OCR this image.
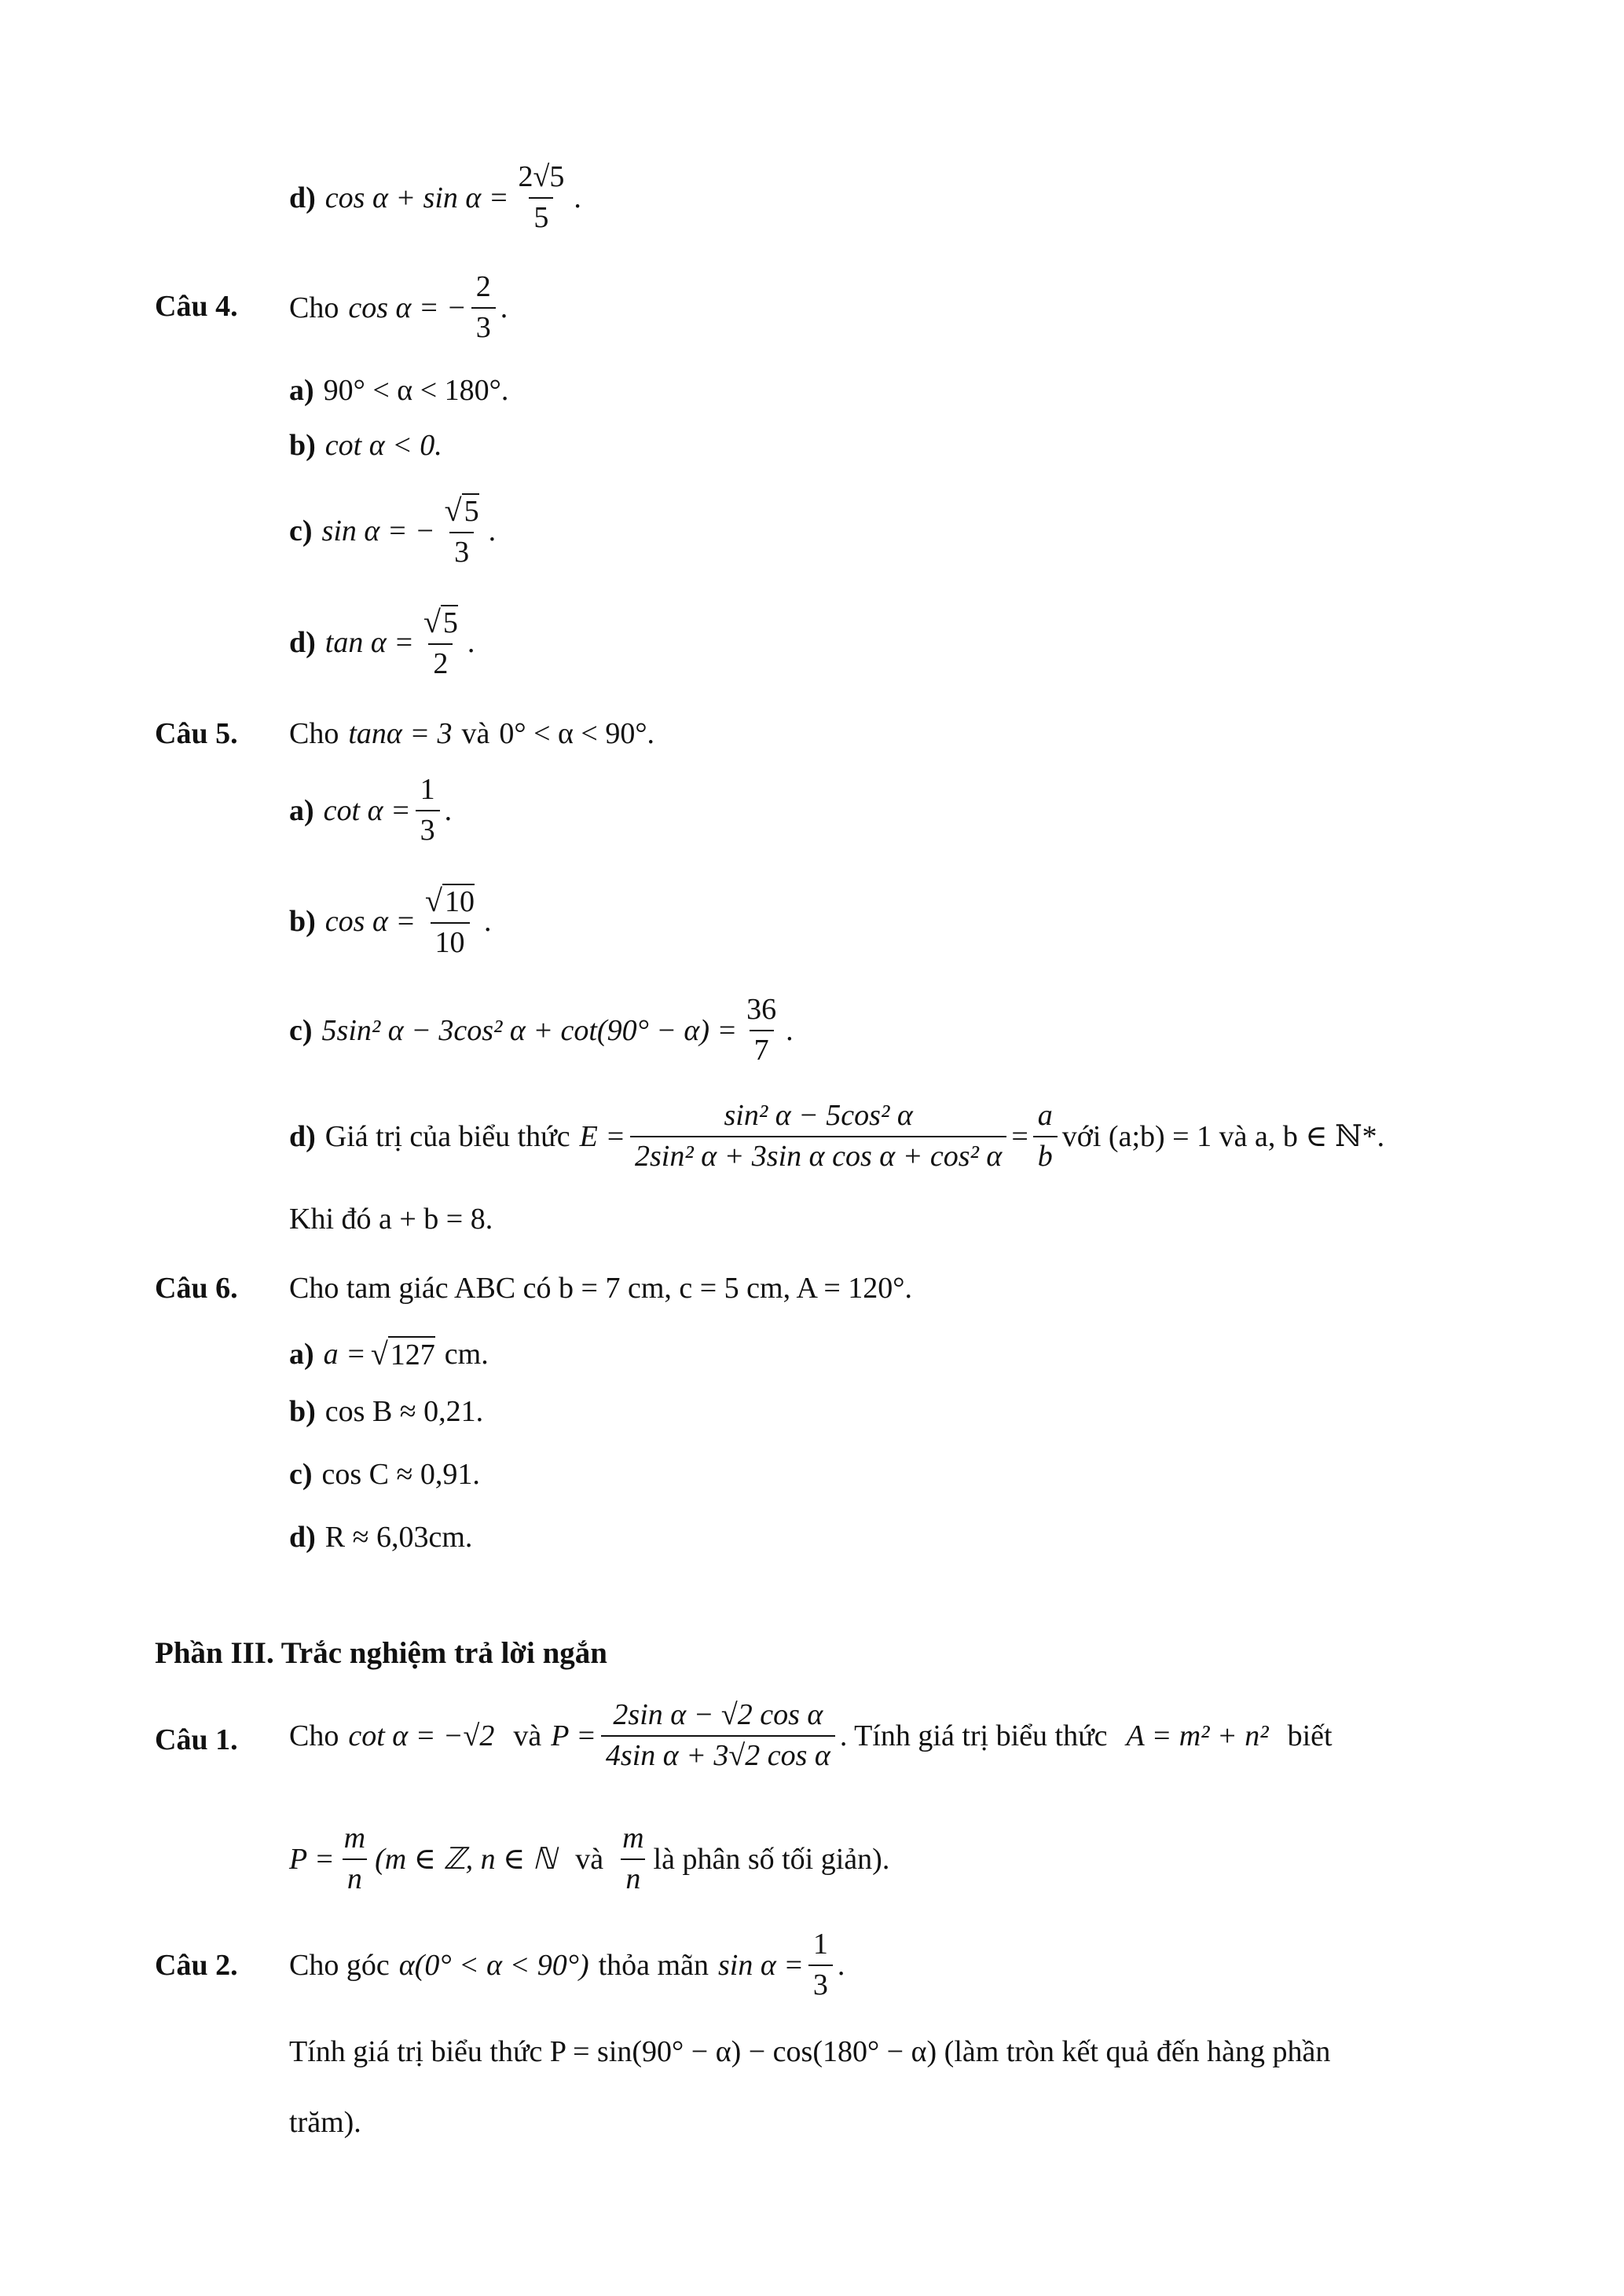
d) $\cos \alpha + \sin \alpha = \frac{2√5}{5}$ .
Câu 4. Cho cos α = − $\frac{2}{3}$ .
a) 90° < α < 180°.
b) cot α < 0.
c) sin α = − $\frac{√5}{3}$ .
d) $\tan \alpha = \frac{√5}{2}$ .
Câu 5. Cho tanα = 3 và 0° < α < 90°.
a) $\cot \alpha = \frac{1}{3}$ .
b) $\cos \alpha = \frac{√10}{10}$ .
c) 5sin² α − 3cos² $\alpha + \cot(90^\circ - \alpha) = \frac{36}{7}$ .
d) Giá trị của biểu thức $E = \frac{\text{sin² α − 5cos² α}}{\text{2sin² α + 3sin α cos α + cos² α}} = \frac{a}{b}$ với (a;b) = 1 và a, b ∈ ℕ*.
Khi đó a + b = 8.
Câu 6. Cho tam giác ABC có b = 7 cm, c = 5 cm, A = 120°.
a) a = √ 127 cm.
b) cos B ≈ 0,21.
c) cos C ≈ 0,91.
d) R ≈ 6,03cm.
Phần III. Trắc nghiệm trả lời ngắn
Câu 1. Cho cot α = −√2 và $P = \frac{\text{2sin α − √2 cos α}}{\text{4sin α + 3√2 cos α}}$ . Tính giá trị biểu thức A = m² + n² biết
$P = \frac{m}{n} (m$ ∈ ℤ, n ∈ ℕ và $\frac{m}{n}$ là phân số tối giản).
Câu 2. Cho góc α(0° < α < 90°) thỏa mãn $\sin \alpha = \frac{1}{3}$ .
Tính giá trị biểu thức P = sin(90° − α) − cos(180° − α) (làm tròn kết quả đến hàng phần
trăm).
